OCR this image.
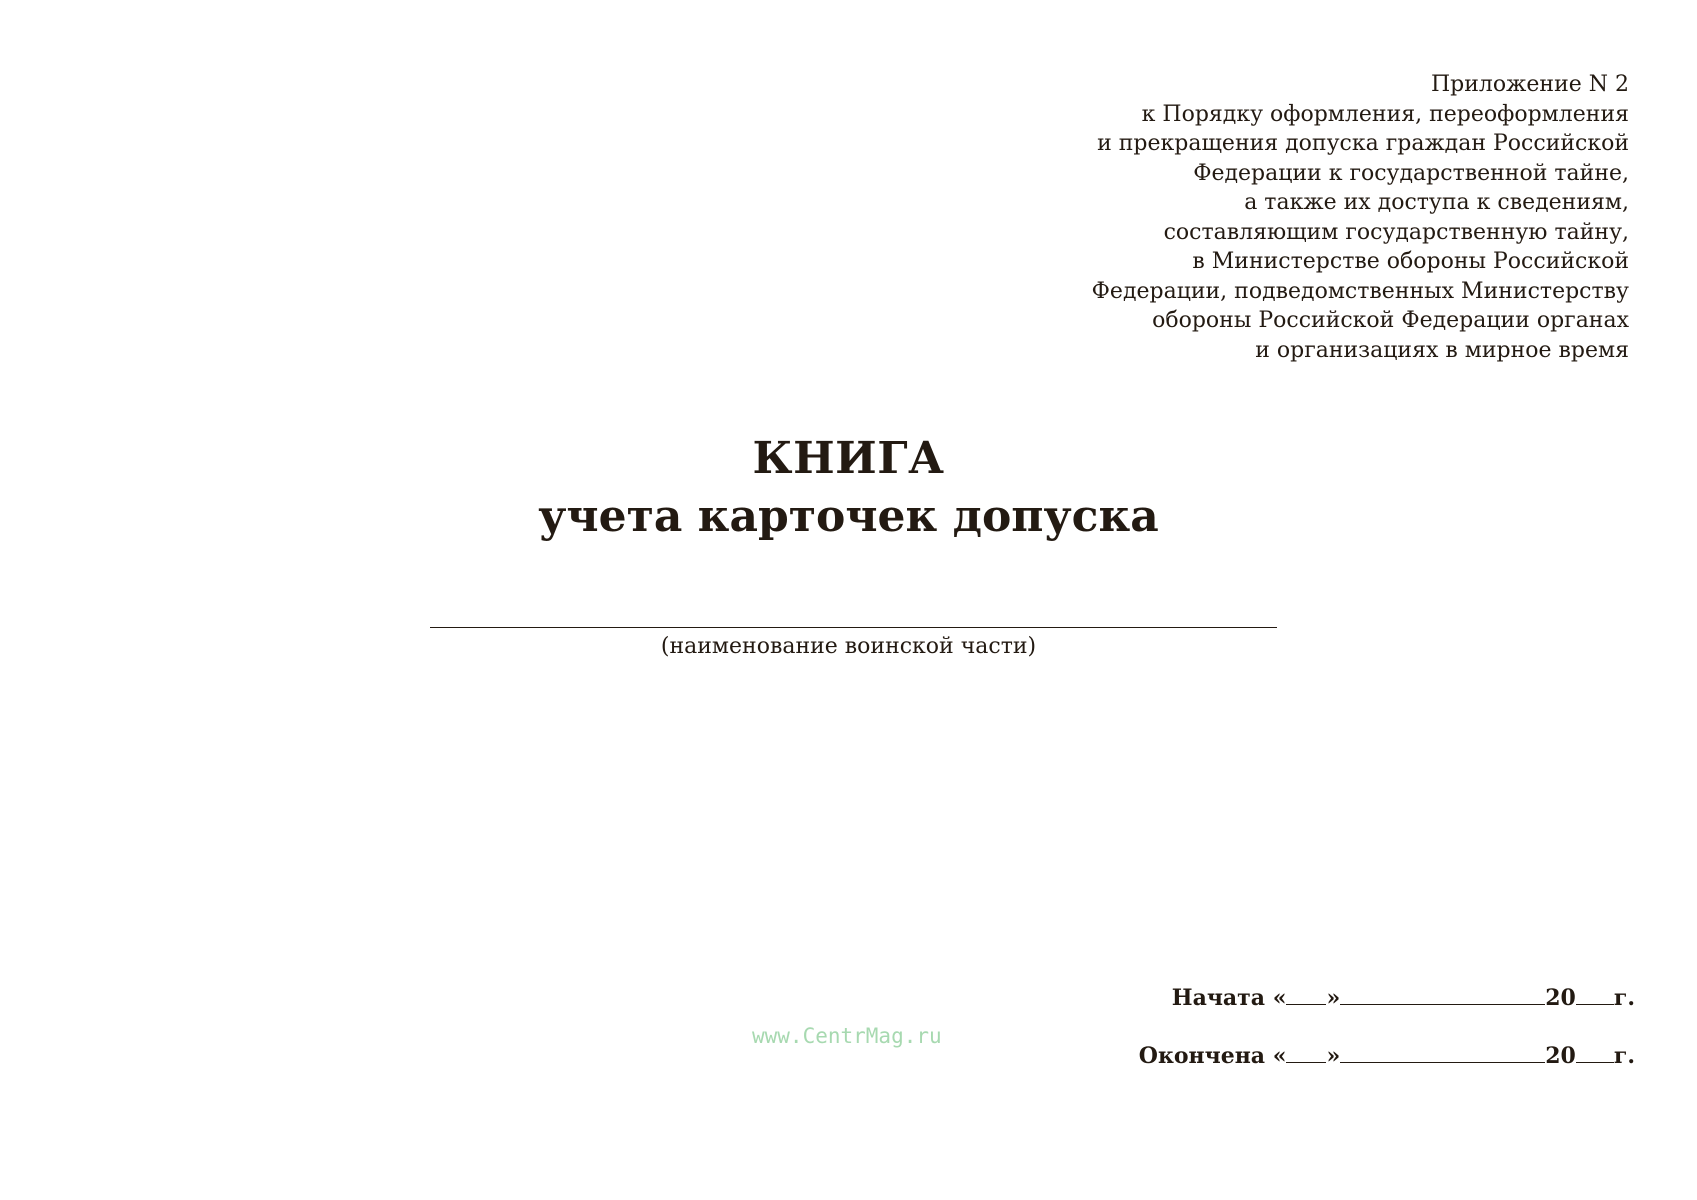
Приложение N 2
к Порядку оформления, переоформления
и прекращения допуска граждан Российской
Федерации к государственной тайне,
а также их доступа к сведениям,
составляющим государственную тайну,
в Министерстве обороны Российской
Федерации, подведомственных Министерству
обороны Российской Федерации органах
и организациях в мирное время
КНИГА
учета карточек допуска
(наименование воинской части)
www.CentrMag.ru
Начата « »	20 г.
Окончена « »	20 г.
